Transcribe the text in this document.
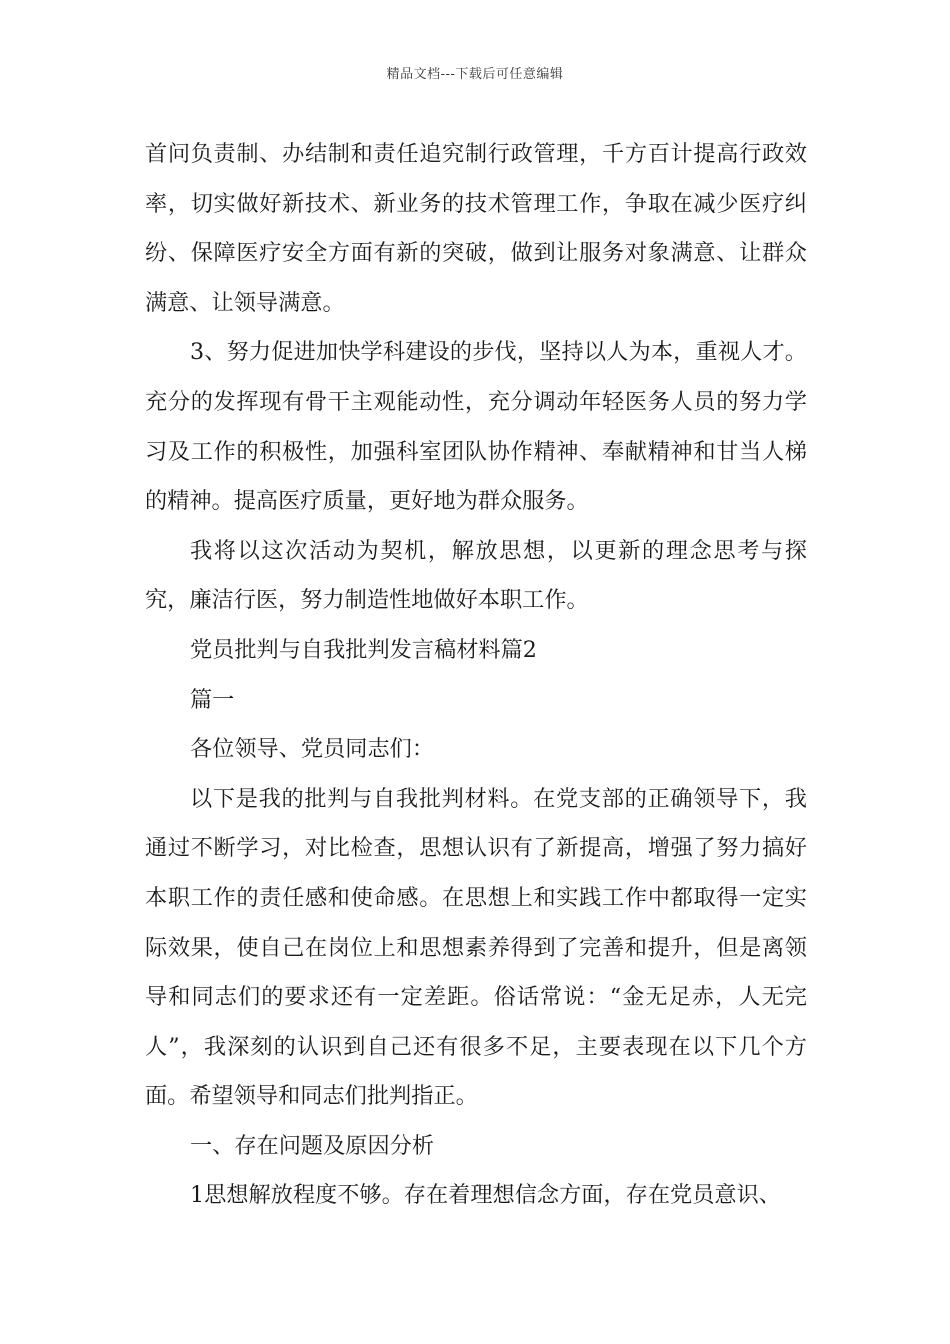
精品文档---下载后可任意编辑

首问负责制、办结制和责任追究制行政管理，千方百计提高行政效率，切实做好新技术、新业务的技术管理工作，争取在减少医疗纠纷、保障医疗安全方面有新的突破，做到让服务对象满意、让群众满意、让领导满意。

3、努力促进加快学科建设的步伐，坚持以人为本，重视人才。充分的发挥现有骨干主观能动性，充分调动年轻医务人员的努力学习及工作的积极性，加强科室团队协作精神、奉献精神和甘当人梯的精神。提高医疗质量，更好地为群众服务。

我将以这次活动为契机，解放思想，以更新的理念思考与探究，廉洁行医，努力制造性地做好本职工作。

党员批判与自我批判发言稿材料篇2

篇一

各位领导、党员同志们：

以下是我的批判与自我批判材料。在党支部的正确领导下，我通过不断学习，对比检查，思想认识有了新提高，增强了努力搞好本职工作的责任感和使命感。在思想上和实践工作中都取得一定实际效果，使自己在岗位上和思想素养得到了完善和提升，但是离领导和同志们的要求还有一定差距。俗话常说：“金无足赤，人无完人”，我深刻的认识到自己还有很多不足，主要表现在以下几个方面。希望领导和同志们批判指正。

一、存在问题及原因分析

1思想解放程度不够。存在着理想信念方面，存在党员意识、
